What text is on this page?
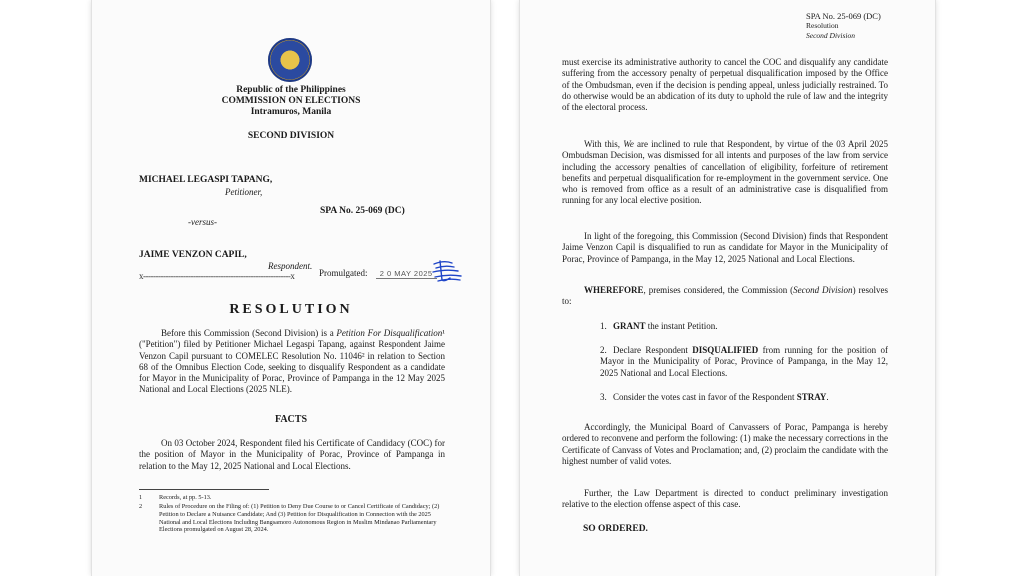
Republic of the Philippines
COMMISSION ON ELECTIONS
Intramuros, Manila
SECOND DIVISION
MICHAEL LEGASPI TAPANG,
Petitioner,
SPA No. 25-069 (DC)
-versus-
JAIME VENZON CAPIL,
Respondent.
x-----------------------------------------------------------x	Promulgated: 2 0 MAY 2025
RESOLUTION
Before this Commission (Second Division) is a Petition For Disqualification¹ ("Petition") filed by Petitioner Michael Legaspi Tapang, against Respondent Jaime Venzon Capil pursuant to COMELEC Resolution No. 11046² in relation to Section 68 of the Omnibus Election Code, seeking to disqualify Respondent as a candidate for Mayor in the Municipality of Porac, Province of Pampanga in the 12 May 2025 National and Local Elections (2025 NLE).
FACTS
On 03 October 2024, Respondent filed his Certificate of Candidacy (COC) for the position of Mayor in the Municipality of Porac, Province of Pampanga in relation to the May 12, 2025 National and Local Elections.
1	Records, at pp. 5-13.
2	Rules of Procedure on the Filing of: (1) Petition to Deny Due Course to or Cancel Certificate of Candidacy; (2) Petition to Declare a Nuisance Candidate; And (3) Petition for Disqualification in Connection with the 2025 National and Local Elections Including Bangsamoro Autonomous Region in Muslim Mindanao Parliamentary Elections promulgated on August 28, 2024.
SPA No. 25-069 (DC)
Resolution
Second Division
must exercise its administrative authority to cancel the COC and disqualify any candidate suffering from the accessory penalty of perpetual disqualification imposed by the Office of the Ombudsman, even if the decision is pending appeal, unless judicially restrained. To do otherwise would be an abdication of its duty to uphold the rule of law and the integrity of the electoral process.
With this, We are inclined to rule that Respondent, by virtue of the 03 April 2025 Ombudsman Decision, was dismissed for all intents and purposes of the law from service including the accessory penalties of cancellation of eligibility, forfeiture of retirement benefits and perpetual disqualification for re-employment in the government service. One who is removed from office as a result of an administrative case is disqualified from running for any local elective position.
In light of the foregoing, this Commission (Second Division) finds that Respondent Jaime Venzon Capil is disqualified to run as candidate for Mayor in the Municipality of Porac, Province of Pampanga, in the May 12, 2025 National and Local Elections.
WHEREFORE, premises considered, the Commission (Second Division) resolves to:
1. GRANT the instant Petition.
2. Declare Respondent DISQUALIFIED from running for the position of Mayor in the Municipality of Porac, Province of Pampanga, in the May 12, 2025 National and Local Elections.
3. Consider the votes cast in favor of the Respondent STRAY.
Accordingly, the Municipal Board of Canvassers of Porac, Pampanga is hereby ordered to reconvene and perform the following: (1) make the necessary corrections in the Certificate of Canvass of Votes and Proclamation; and, (2) proclaim the candidate with the highest number of valid votes.
Further, the Law Department is directed to conduct preliminary investigation relative to the election offense aspect of this case.
SO ORDERED.
